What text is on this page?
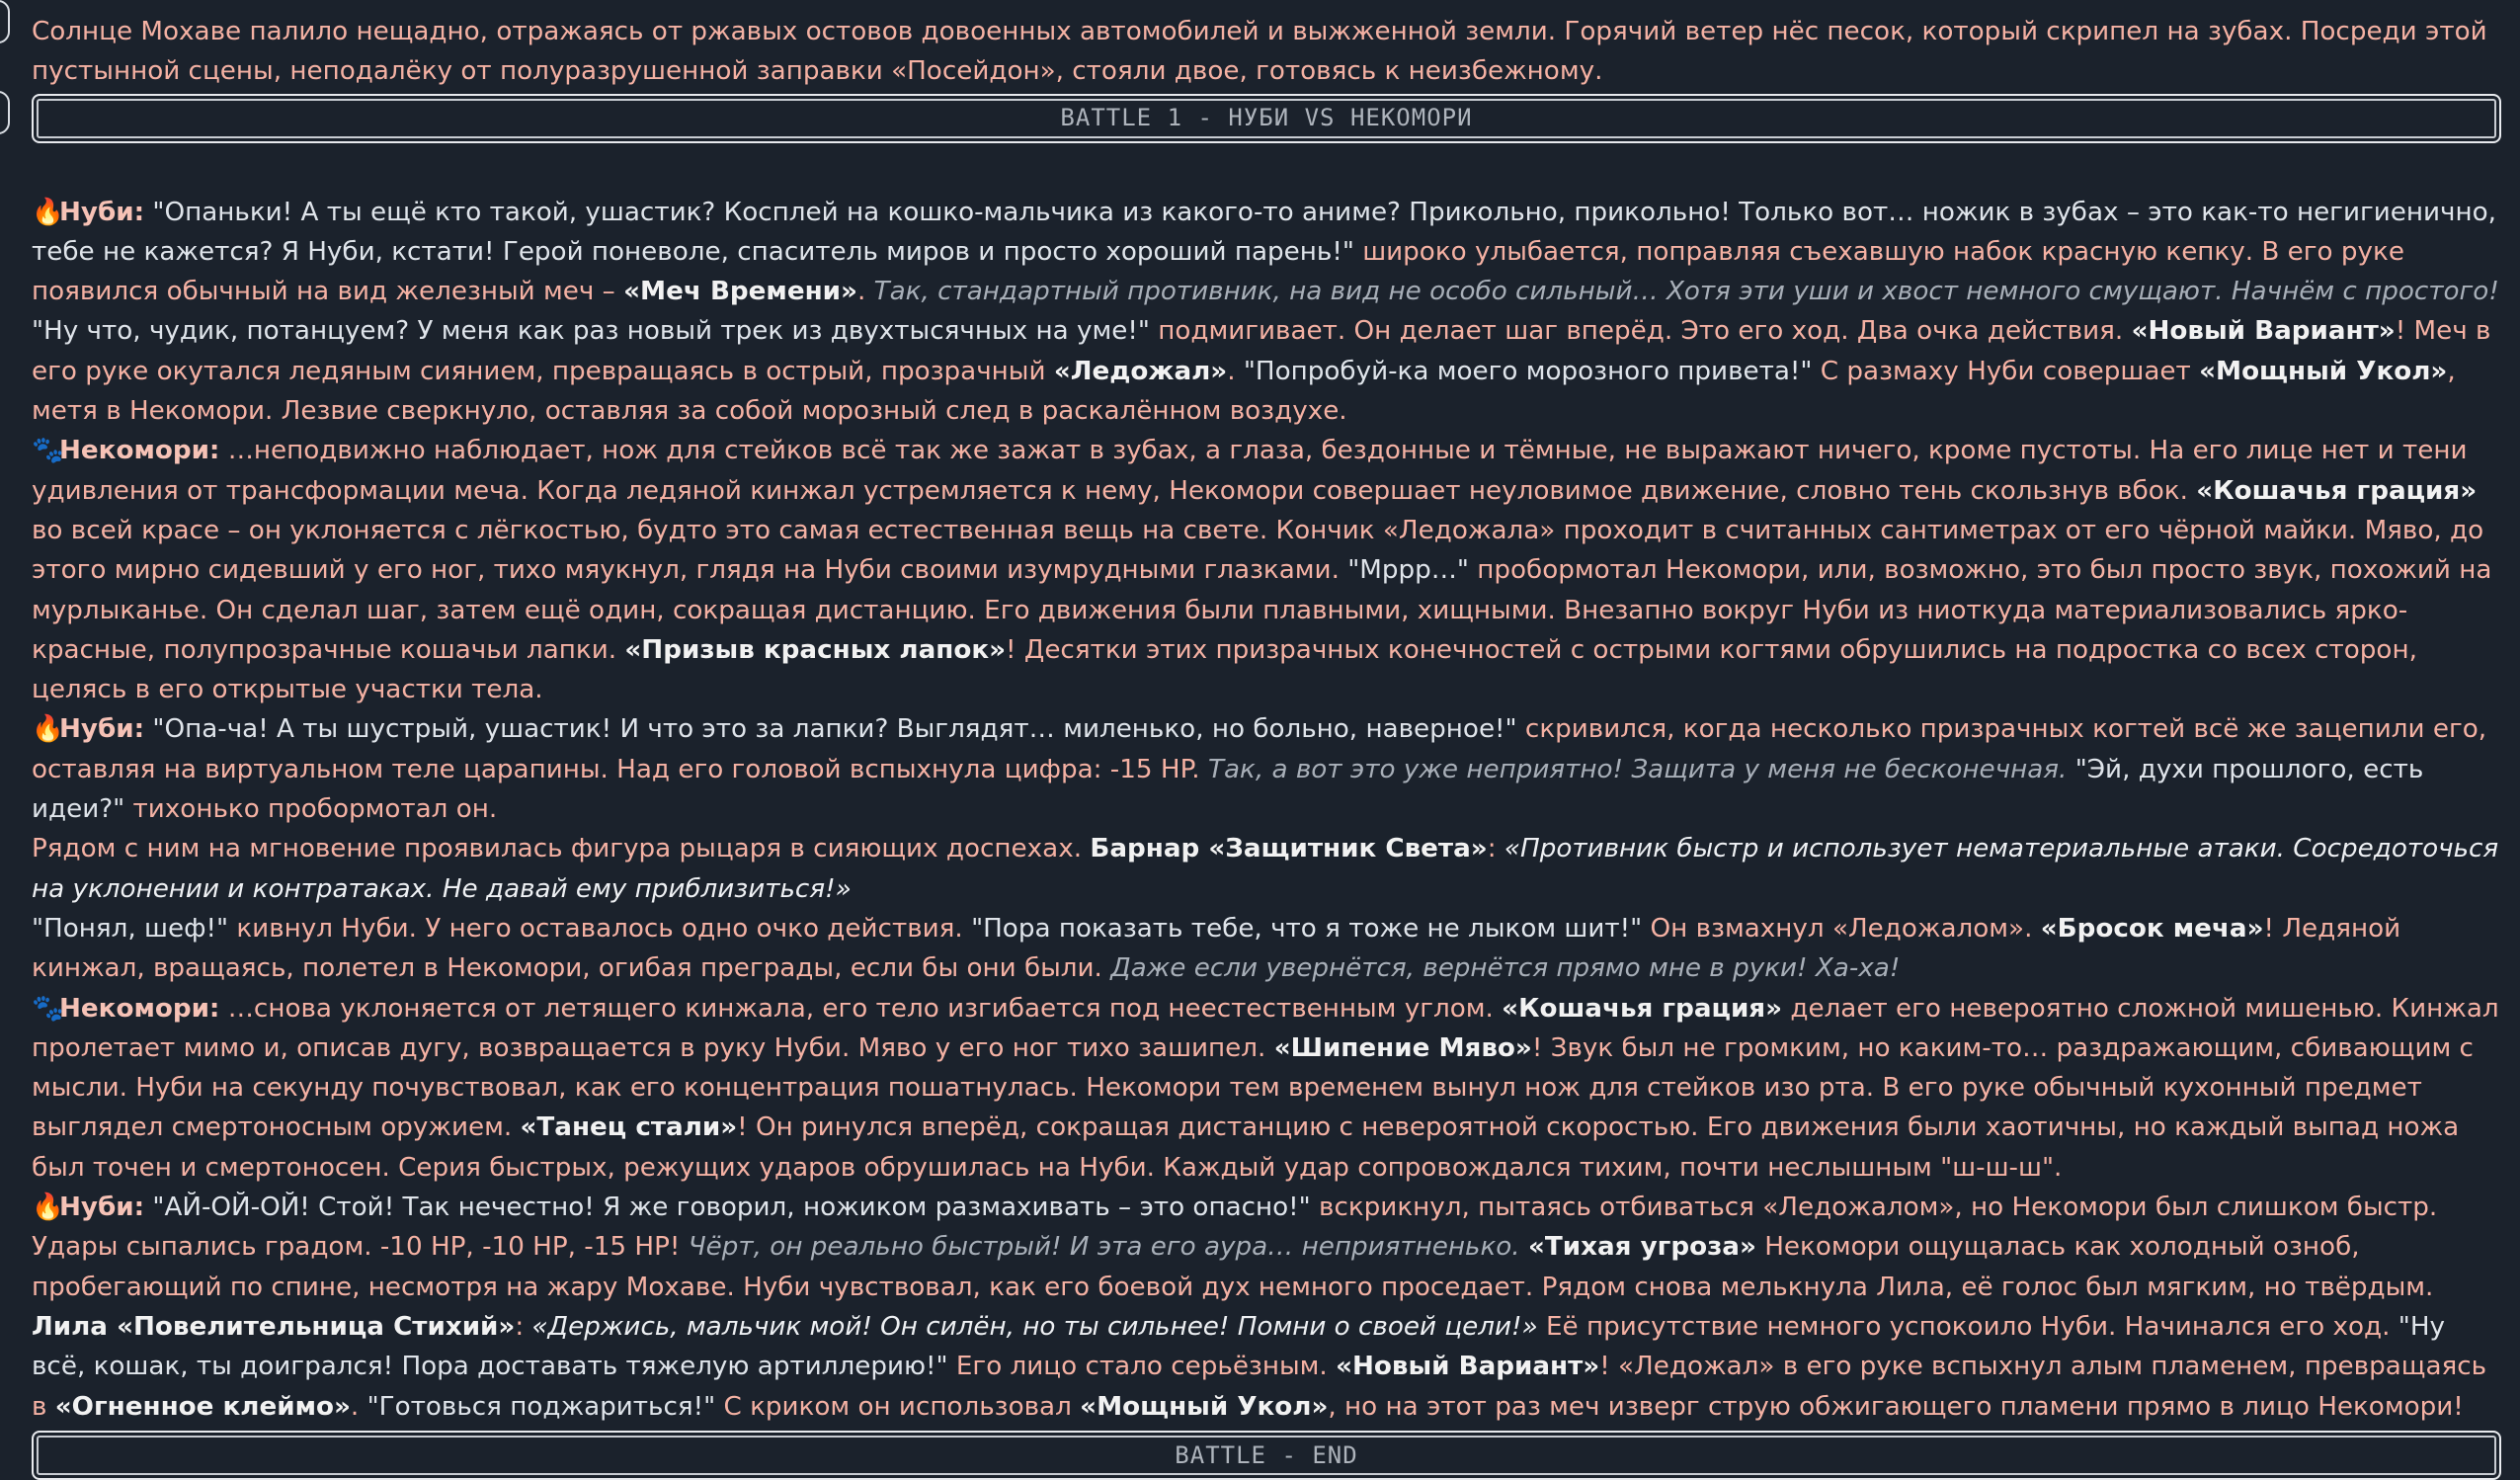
Солнце Мохаве палило нещадно, отражаясь от ржавых остовов довоенных автомобилей и выжженной земли. Горячий ветер нёс песок, который скрипел на зубах. Посреди этой пустынной сцены, неподалёку от полуразрушенной заправки «Посейдон», стояли двое, готовясь к неизбежному.

BATTLE 1 - НУБИ VS НЕКОМОРИ

🔥Нуби: "Опаньки! А ты ещё кто такой, ушастик? Косплей на кошко-мальчика из какого-то аниме? Прикольно, прикольно! Только вот… ножик в зубах – это как-то негигиенично, тебе не кажется? Я Нуби, кстати! Герой поневоле, спаситель миров и просто хороший парень!" широко улыбается, поправляя съехавшую набок красную кепку. В его руке появился обычный на вид железный меч – «Меч Времени». Так, стандартный противник, на вид не особо сильный… Хотя эти уши и хвост немного смущают. Начнём с простого! "Ну что, чудик, потанцуем? У меня как раз новый трек из двухтысячных на уме!" подмигивает. Он делает шаг вперёд. Это его ход. Два очка действия. «Новый Вариант»! Меч в его руке окутался ледяным сиянием, превращаясь в острый, прозрачный «Ледожал». "Попробуй-ка моего морозного привета!" С размаху Нуби совершает «Мощный Укол», метя в Некомори. Лезвие сверкнуло, оставляя за собой морозный след в раскалённом воздухе.

🐾Некомори: …неподвижно наблюдает, нож для стейков всё так же зажат в зубах, а глаза, бездонные и тёмные, не выражают ничего, кроме пустоты. На его лице нет и тени удивления от трансформации меча. Когда ледяной кинжал устремляется к нему, Некомори совершает неуловимое движение, словно тень скользнув вбок. «Кошачья грация» во всей красе – он уклоняется с лёгкостью, будто это самая естественная вещь на свете. Кончик «Ледожала» проходит в считанных сантиметрах от его чёрной майки. Мяво, до этого мирно сидевший у его ног, тихо мяукнул, глядя на Нуби своими изумрудными глазками. "Мррр…" пробормотал Некомори, или, возможно, это был просто звук, похожий на мурлыканье. Он сделал шаг, затем ещё один, сокращая дистанцию. Его движения были плавными, хищными. Внезапно вокруг Нуби из ниоткуда материализовались ярко-красные, полупрозрачные кошачьи лапки. «Призыв красных лапок»! Десятки этих призрачных конечностей с острыми когтями обрушились на подростка со всех сторон, целясь в его открытые участки тела.

🔥Нуби: "Опа-ча! А ты шустрый, ушастик! И что это за лапки? Выглядят… миленько, но больно, наверное!" скривился, когда несколько призрачных когтей всё же зацепили его, оставляя на виртуальном теле царапины. Над его головой вспыхнула цифра: -15 HP. Так, а вот это уже неприятно! Защита у меня не бесконечная. "Эй, духи прошлого, есть идеи?" тихонько пробормотал он.

Рядом с ним на мгновение проявилась фигура рыцаря в сияющих доспехах. Барнар «Защитник Света»: «Противник быстр и использует нематериальные атаки. Сосредоточься на уклонении и контратаках. Не давай ему приблизиться!»

"Понял, шеф!" кивнул Нуби. У него оставалось одно очко действия. "Пора показать тебе, что я тоже не лыком шит!" Он взмахнул «Ледожалом». «Бросок меча»! Ледяной кинжал, вращаясь, полетел в Некомори, огибая преграды, если бы они были. Даже если увернётся, вернётся прямо мне в руки! Ха-ха!

🐾Некомори: …снова уклоняется от летящего кинжала, его тело изгибается под неестественным углом. «Кошачья грация» делает его невероятно сложной мишенью. Кинжал пролетает мимо и, описав дугу, возвращается в руку Нуби. Мяво у его ног тихо зашипел. «Шипение Мяво»! Звук был не громким, но каким-то… раздражающим, сбивающим с мысли. Нуби на секунду почувствовал, как его концентрация пошатнулась. Некомори тем временем вынул нож для стейков изо рта. В его руке обычный кухонный предмет выглядел смертоносным оружием. «Танец стали»! Он ринулся вперёд, сокращая дистанцию с невероятной скоростью. Его движения были хаотичны, но каждый выпад ножа был точен и смертоносен. Серия быстрых, режущих ударов обрушилась на Нуби. Каждый удар сопровождался тихим, почти неслышным "ш-ш-ш".

🔥Нуби: "АЙ-ОЙ-ОЙ! Стой! Так нечестно! Я же говорил, ножиком размахивать – это опасно!" вскрикнул, пытаясь отбиваться «Ледожалом», но Некомори был слишком быстр. Удары сыпались градом. -10 HP, -10 HP, -15 HP! Чёрт, он реально быстрый! И эта его аура… неприятненько. «Тихая угроза» Некомори ощущалась как холодный озноб, пробегающий по спине, несмотря на жару Мохаве. Нуби чувствовал, как его боевой дух немного проседает. Рядом снова мелькнула Лила, её голос был мягким, но твёрдым. Лила «Повелительница Стихий»: «Держись, мальчик мой! Он силён, но ты сильнее! Помни о своей цели!» Её присутствие немного успокоило Нуби. Начинался его ход. "Ну всё, кошак, ты доигрался! Пора доставать тяжелую артиллерию!" Его лицо стало серьёзным. «Новый Вариант»! «Ледожал» в его руке вспыхнул алым пламенем, превращаясь в «Огненное клеймо». "Готовься поджариться!" С криком он использовал «Мощный Укол», но на этот раз меч изверг струю обжигающего пламени прямо в лицо Некомори!

BATTLE - END
